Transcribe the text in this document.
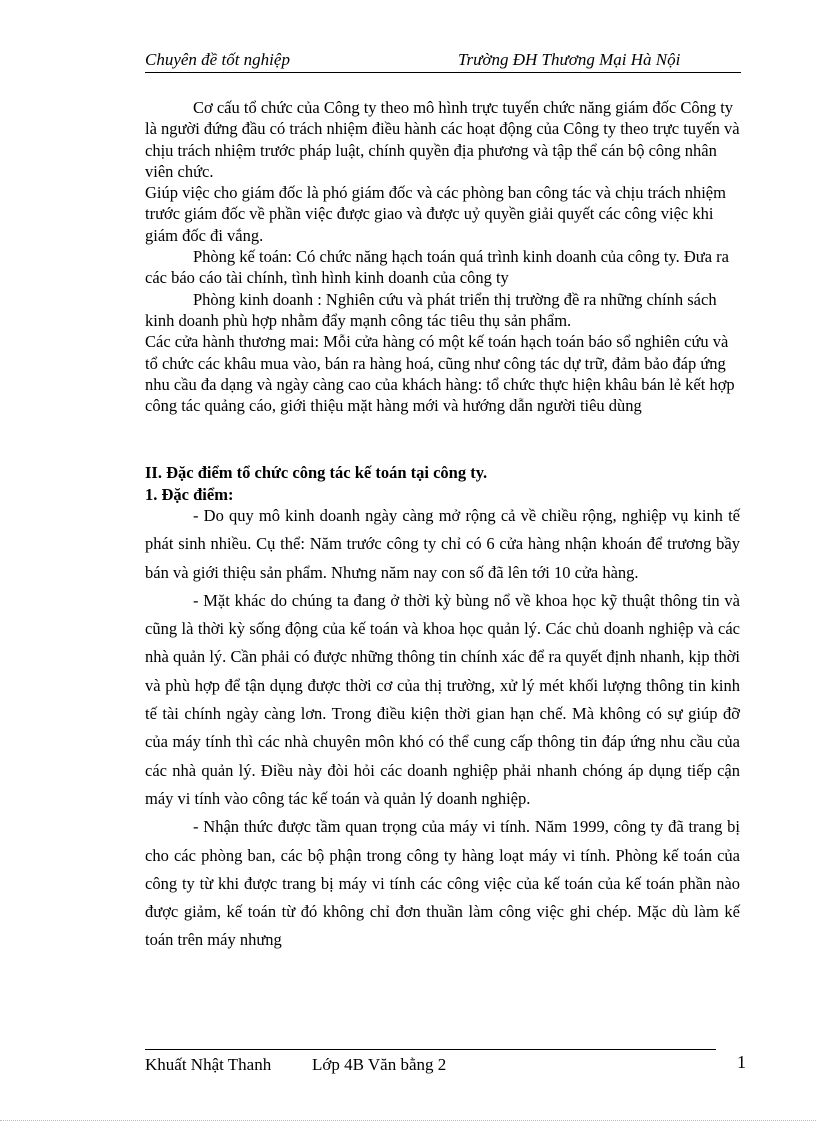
Chuyên đề tốt nghiệp	Trường ĐH Thương Mại Hà Nội

Cơ cấu tổ chức của Công ty theo mô hình trực tuyến chức năng giám đốc Công ty là người đứng đầu có trách nhiệm điều hành các hoạt động của Công ty theo trực tuyến và chịu trách nhiệm trước pháp luật, chính quyền địa phương và tập thể cán bộ công nhân viên chức.

Giúp việc cho giám đốc là phó giám đốc và các phòng ban công tác và chịu trách nhiệm trước giám đốc về phần việc được giao và được uỷ quyền giải quyết các công việc khi giám đốc đi vắng.

Phòng kế toán: Có chức năng hạch toán quá trình kinh doanh của công ty. Đưa ra các báo cáo tài chính, tình hình kinh doanh của công ty

Phòng kinh doanh : Nghiên cứu và phát triển thị trường đề ra những chính sách kinh doanh phù hợp nhằm đẩy mạnh công tác tiêu thụ sản phẩm.

Các cửa hành thương mai: Mỗi cửa hàng có một kế toán hạch toán báo sổ nghiên cứu và tổ chức các khâu mua vào, bán ra hàng hoá, cũng như công tác dự trữ, đảm bảo đáp ứng nhu cầu đa dạng và ngày càng cao của khách hàng: tổ chức thực hiện khâu bán lẻ kết hợp công tác quảng cáo, giới thiệu mặt hàng mới và hướng dẫn người tiêu dùng

II. Đặc điểm tổ chức công tác kế toán tại công ty.

1. Đặc điểm:

- Do quy mô kinh doanh ngày càng mở rộng cả về chiều rộng, nghiệp vụ kinh tế phát sinh nhiều. Cụ thể: Năm trước công ty chỉ có 6 cửa hàng nhận khoán để trương bầy bán và giới thiệu sản phẩm. Nhưng năm nay con số đã lên tới 10 cửa hàng.

- Mặt khác do chúng ta đang ở thời kỳ bùng nổ về khoa học kỹ thuật thông tin và cũng là thời kỳ sống động của kế toán và khoa học quản lý. Các chủ doanh nghiệp và các nhà quản lý. Cần phải có được những thông tin chính xác để ra quyết định nhanh, kịp thời và phù hợp để tận dụng được thời cơ của thị trường, xử lý mét khối lượng thông tin kinh tế tài chính ngày càng lơn. Trong điều kiện thời gian hạn chế. Mà không có sự giúp đỡ của máy tính thì các nhà chuyên môn khó có thể cung cấp thông tin đáp ứng nhu cầu của các nhà quản lý. Điều này đòi hỏi các doanh nghiệp phải nhanh chóng áp dụng tiếp cận máy vi tính vào công tác kế toán và quản lý doanh nghiệp.

- Nhận thức được tầm quan trọng của máy vi tính. Năm 1999, công ty đã trang bị cho các phòng ban, các bộ phận trong công ty hàng loạt máy vi tính. Phòng kế toán của công ty từ khi được trang bị máy vi tính các công việc của kế toán của kế toán phần nào được giảm, kế toán từ đó không chỉ đơn thuần làm công việc ghi chép. Mặc dù làm kế toán trên máy nhưng

Khuất Nhật Thanh Lớp 4B Văn bằng 2	1
